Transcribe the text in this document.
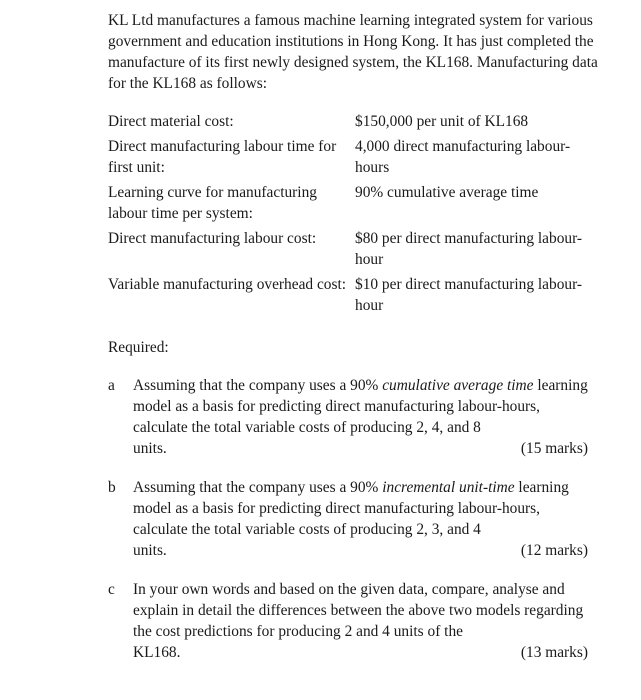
KL Ltd manufactures a famous machine learning integrated system for various government and education institutions in Hong Kong. It has just completed the manufacture of its first newly designed system, the KL168. Manufacturing data for the KL168 as follows:

Direct material cost:	$150,000 per unit of KL168
Direct manufacturing labour time for first unit:	4,000 direct manufacturing labour-hours
Learning curve for manufacturing labour time per system:	90% cumulative average time
Direct manufacturing labour cost:	$80 per direct manufacturing labour-hour
Variable manufacturing overhead cost:	$10 per direct manufacturing labour-hour

Required:

a Assuming that the company uses a 90% cumulative average time learning model as a basis for predicting direct manufacturing labour-hours, calculate the total variable costs of producing 2, 4, and 8
units.	(15 marks)
b Assuming that the company uses a 90% incremental unit-time learning model as a basis for predicting direct manufacturing labour-hours, calculate the total variable costs of producing 2, 3, and 4
units.	(12 marks)
c In your own words and based on the given data, compare, analyse and explain in detail the differences between the above two models regarding the cost predictions for producing 2 and 4 units of the
KL168.	(13 marks)
